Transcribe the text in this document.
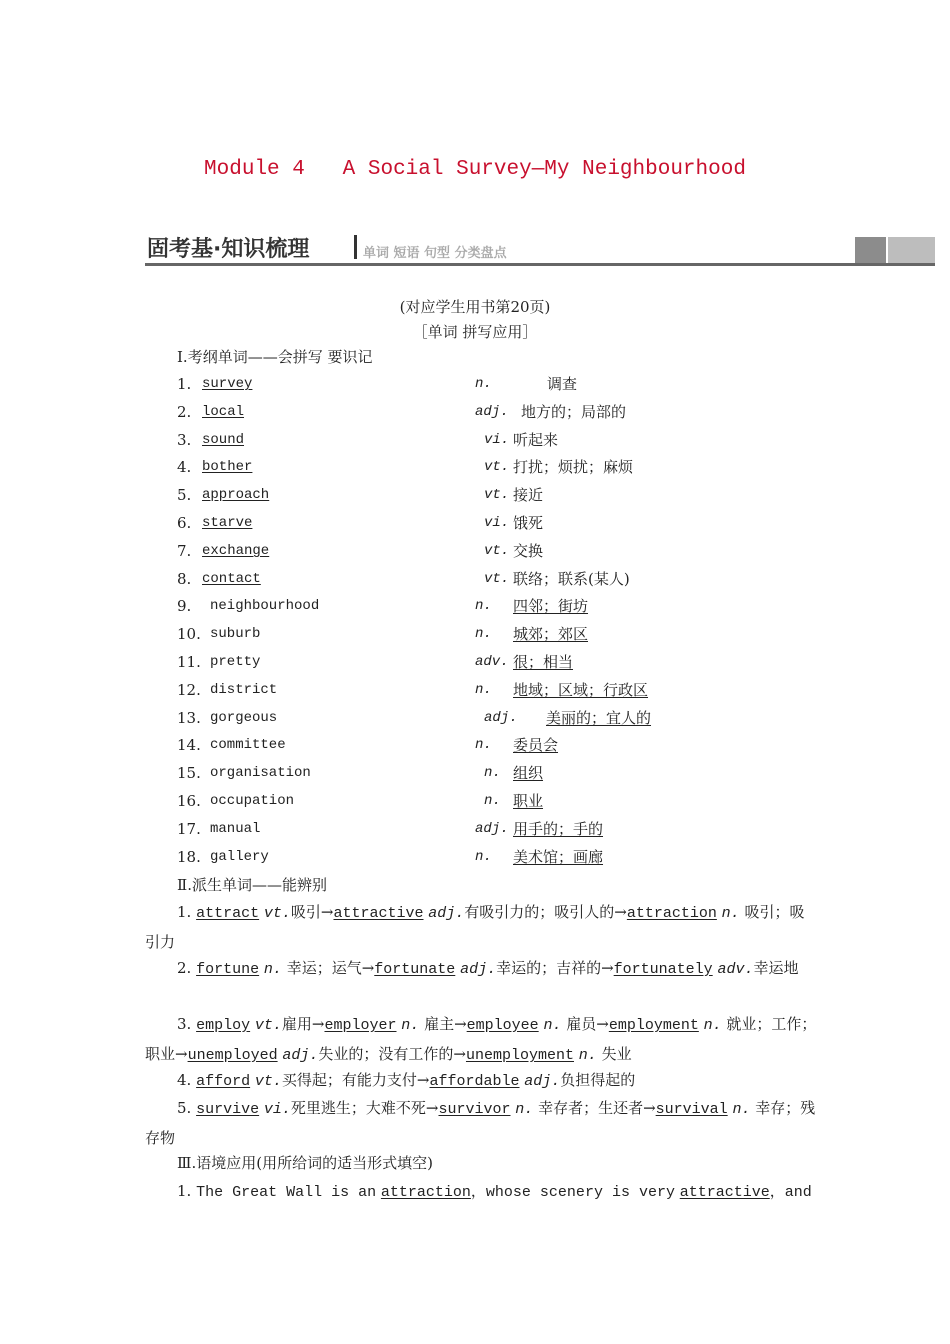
Module 4   A Social Survey—My Neighbourhood
固考基·知识梳理	单词 短语 句型 分类盘点
(对应学生用书第20页)
［单词 拼写应用］
Ⅰ.考纲单词——会拼写 要识记
1. survey	n.	调查
2. local	adj. 地方的；局部的
3. sound	vi. 听起来
4. bother	vt. 打扰；烦扰；麻烦
5. approach	vt. 接近
6. starve	vi. 饿死
7. exchange	vt. 交换
8. contact	vt. 联络；联系(某人)
9. neighbourhood	n. 四邻；街坊
10. suburb	n. 城郊；郊区
11. pretty	adv. 很；相当
12. district	n. 地域；区域；行政区
13. gorgeous	adj. 美丽的；宜人的
14. committee	n. 委员会
15. organisation	n. 组织
16. occupation	n. 职业
17. manual	adj. 用手的；手的
18. gallery	n. 美术馆；画廊
Ⅱ.派生单词——能辨别
1. attract vt.吸引→attractive adj.有吸引力的；吸引人的→attraction n. 吸引；吸引力
2. fortune n. 幸运；运气→fortunate adj.幸运的；吉祥的→fortunately adv.幸运地
3. employ vt.雇用→employer n. 雇主→employee n. 雇员→employment n. 就业；工作；职业→unemployed adj.失业的；没有工作的→unemployment n. 失业
4. afford vt.买得起；有能力支付→affordable adj.负担得起的
5. survive vi.死里逃生；大难不死→survivor n. 幸存者；生还者→survival n. 幸存；残存物
Ⅲ.语境应用(用所给词的适当形式填空)
1. The Great Wall is an attraction，whose scenery is very attractive，and
